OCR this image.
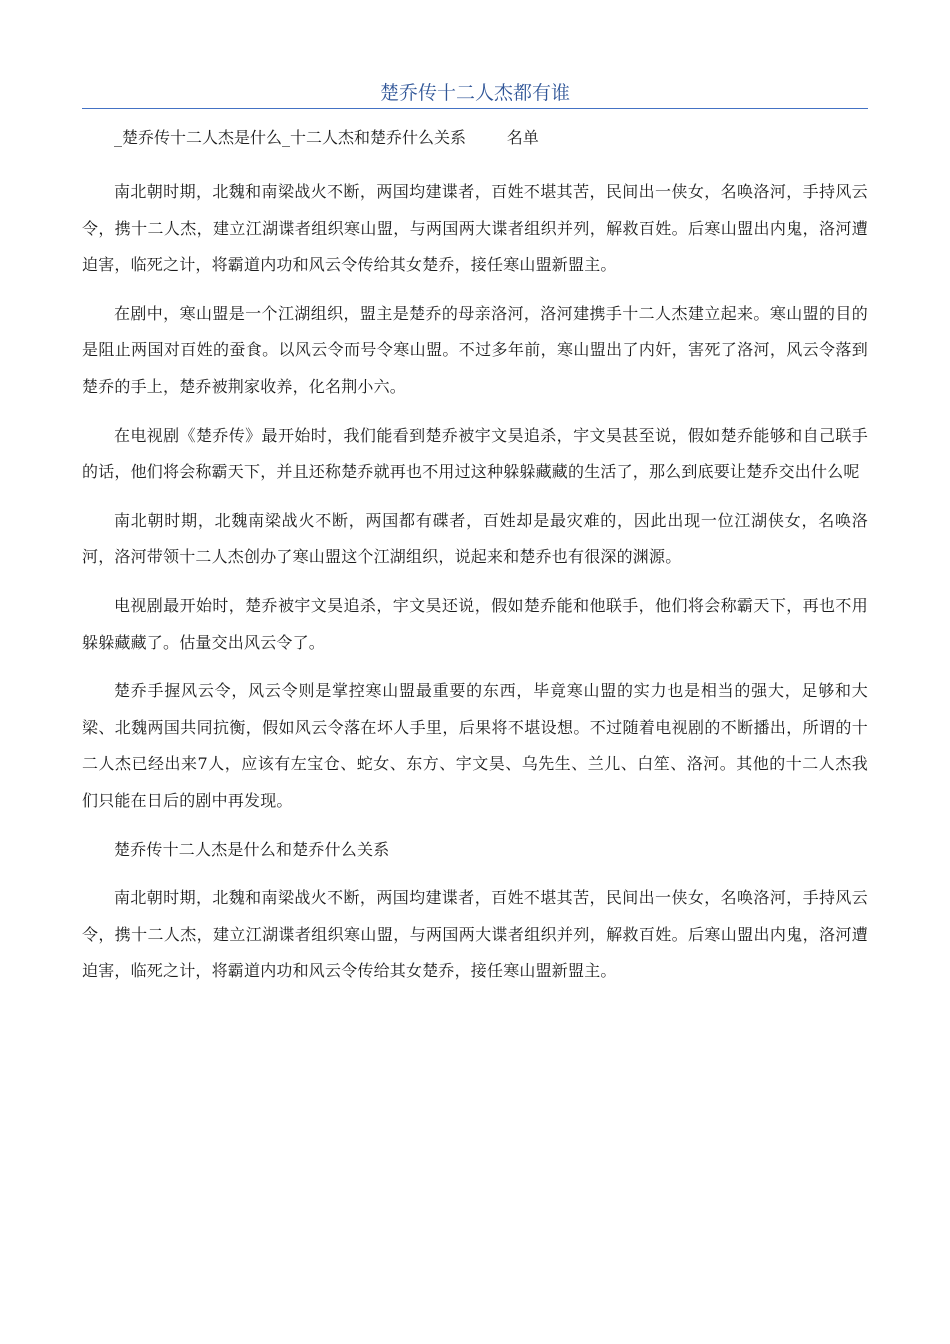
楚乔传十二人杰都有谁

_楚乔传十二人杰是什么_十二人杰和楚乔什么关系        名单

南北朝时期，北魏和南梁战火不断，两国均建谍者，百姓不堪其苦，民间出一侠女，名唤洛河，手持风云令，携十二人杰，建立江湖谍者组织寒山盟，与两国两大谍者组织并列，解救百姓。后寒山盟出内鬼，洛河遭迫害，临死之计，将霸道内功和风云令传给其女楚乔，接任寒山盟新盟主。

在剧中，寒山盟是一个江湖组织，盟主是楚乔的母亲洛河，洛河建携手十二人杰建立起来。寒山盟的目的是阻止两国对百姓的蚕食。以风云令而号令寒山盟。不过多年前，寒山盟出了内奸，害死了洛河，风云令落到楚乔的手上，楚乔被荆家收养，化名荆小六。

在电视剧《楚乔传》最开始时，我们能看到楚乔被宇文昊追杀，宇文昊甚至说，假如楚乔能够和自己联手的话，他们将会称霸天下，并且还称楚乔就再也不用过这种躲躲藏藏的生活了，那么到底要让楚乔交出什么呢

南北朝时期，北魏南梁战火不断，两国都有碟者，百姓却是最灾难的，因此出现一位江湖侠女，名唤洛河，洛河带领十二人杰创办了寒山盟这个江湖组织，说起来和楚乔也有很深的渊源。

电视剧最开始时，楚乔被宇文昊追杀，宇文昊还说，假如楚乔能和他联手，他们将会称霸天下，再也不用躲躲藏藏了。估量交出风云令了。

楚乔手握风云令，风云令则是掌控寒山盟最重要的东西，毕竟寒山盟的实力也是相当的强大，足够和大梁、北魏两国共同抗衡，假如风云令落在坏人手里，后果将不堪设想。不过随着电视剧的不断播出，所谓的十二人杰已经出来7人，应该有左宝仓、蛇女、东方、宇文昊、乌先生、兰儿、白笙、洛河。其他的十二人杰我们只能在日后的剧中再发现。

楚乔传十二人杰是什么和楚乔什么关系

南北朝时期，北魏和南梁战火不断，两国均建谍者，百姓不堪其苦，民间出一侠女，名唤洛河，手持风云令，携十二人杰，建立江湖谍者组织寒山盟，与两国两大谍者组织并列，解救百姓。后寒山盟出内鬼，洛河遭迫害，临死之计，将霸道内功和风云令传给其女楚乔，接任寒山盟新盟主。
